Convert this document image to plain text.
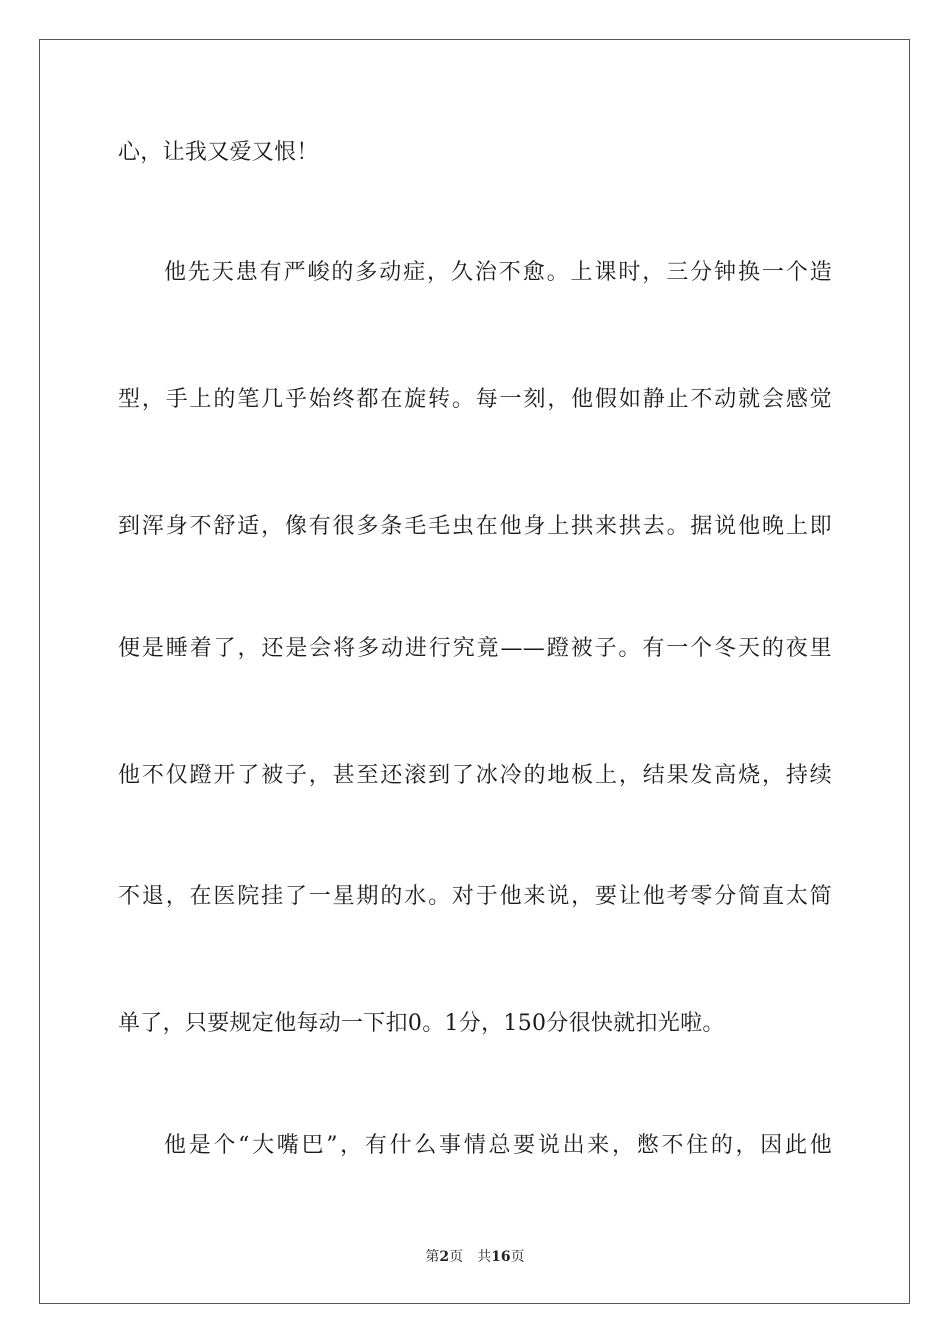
心，让我又爱又恨！
他先天患有严峻的多动症，久治不愈。上课时，三分钟换一个造
型，手上的笔几乎始终都在旋转。每一刻，他假如静止不动就会感觉
到浑身不舒适，像有很多条毛毛虫在他身上拱来拱去。据说他晚上即
便是睡着了，还是会将多动进行究竟——蹬被子。有一个冬天的夜里
他不仅蹬开了被子，甚至还滚到了冰冷的地板上，结果发高烧，持续
不退，在医院挂了一星期的水。对于他来说，要让他考零分简直太简
单了，只要规定他每动一下扣0。1分，150分很快就扣光啦。
他是个“大嘴巴”，有什么事情总要说出来，憋不住的，因此他
第2页 共16页
